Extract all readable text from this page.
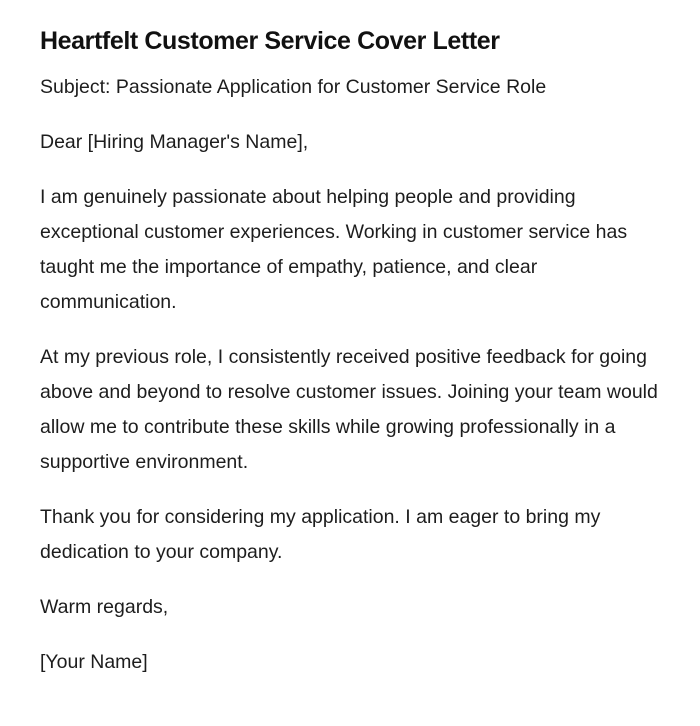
Heartfelt Customer Service Cover Letter

Subject: Passionate Application for Customer Service Role

Dear [Hiring Manager's Name],

I am genuinely passionate about helping people and providing exceptional customer experiences. Working in customer service has taught me the importance of empathy, patience, and clear communication.

At my previous role, I consistently received positive feedback for going above and beyond to resolve customer issues. Joining your team would allow me to contribute these skills while growing professionally in a supportive environment.

Thank you for considering my application. I am eager to bring my dedication to your company.

Warm regards,

[Your Name]
